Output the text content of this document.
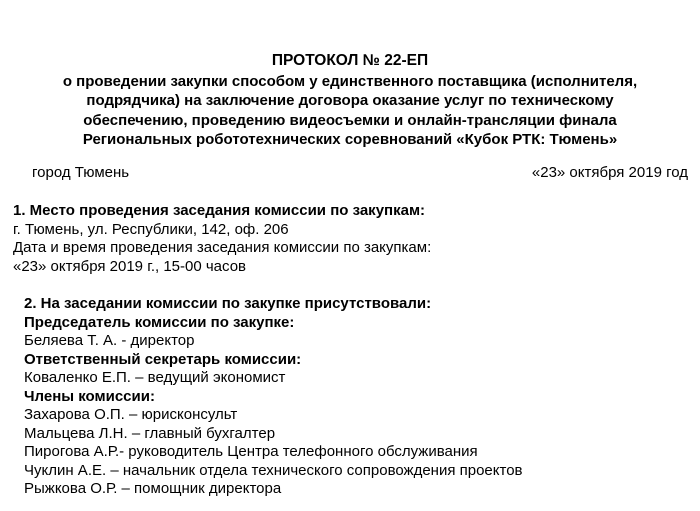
ПРОТОКОЛ № 22-ЕП
о проведении закупки способом у единственного поставщика (исполнителя,
подрядчика) на заключение договора оказание услуг по техническому
обеспечению, проведению видеосъемки и онлайн-трансляции финала
Региональных робототехнических соревнований «Кубок РТК: Тюмень»
город Тюмень	«23» октября 2019 год
1. Место проведения заседания комиссии по закупкам:
г. Тюмень, ул. Республики, 142, оф. 206
Дата и время проведения заседания комиссии по закупкам:
«23» октября 2019 г., 15-00 часов
2. На заседании комиссии по закупке присутствовали:
Председатель комиссии по закупке:
Беляева Т. А. - директор
Ответственный секретарь комиссии:
Коваленко Е.П. – ведущий экономист
Члены комиссии:
Захарова О.П. – юрисконсульт
Мальцева Л.Н. – главный бухгалтер
Пирогова А.Р.- руководитель Центра телефонного обслуживания
Чуклин А.Е. – начальник отдела технического сопровождения проектов
Рыжкова О.Р. – помощник директора
